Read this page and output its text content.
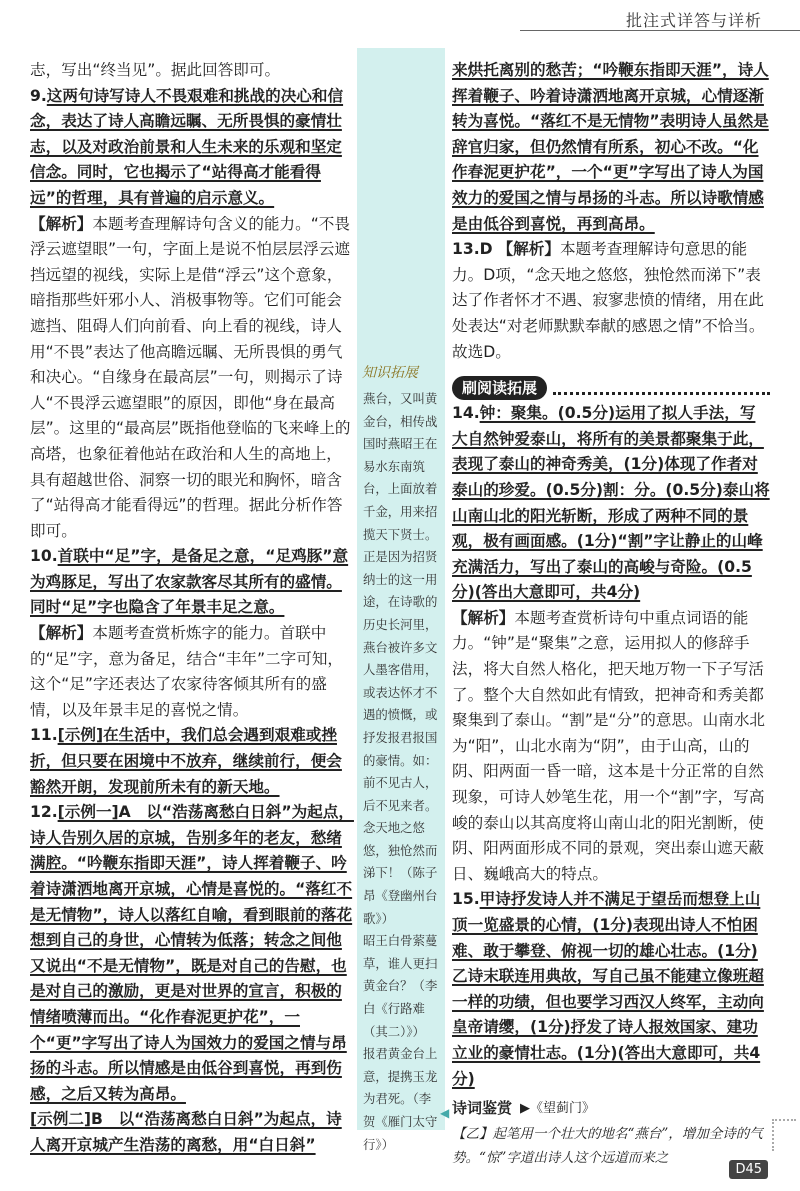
批注式详答与详析

志，写出“终当见”。据此回答即可。

9.这两句诗写诗人不畏艰难和挑战的决心和信念，表达了诗人高瞻远瞩、无所畏惧的豪情壮志，以及对政治前景和人生未来的乐观和坚定信念。同时，它也揭示了“站得高才能看得远”的哲理，具有普遍的启示意义。

【解析】本题考查理解诗句含义的能力。“不畏浮云遮望眼”一句，字面上是说不怕层层浮云遮挡远望的视线，实际上是借“浮云”这个意象，暗指那些奸邪小人、消极事物等。它们可能会遮挡、阻碍人们向前看、向上看的视线，诗人用“不畏”表达了他高瞻远瞩、无所畏惧的勇气和决心。“自缘身在最高层”一句，则揭示了诗人“不畏浮云遮望眼”的原因，即他“身在最高层”。这里的“最高层”既指他登临的飞来峰上的高塔，也象征着他站在政治和人生的高地上，具有超越世俗、洞察一切的眼光和胸怀，暗含了“站得高才能看得远”的哲理。据此分析作答即可。

10.首联中“足”字，是备足之意，“足鸡豚”意为鸡豚足，写出了农家款客尽其所有的盛情。同时“足”字也隐含了年景丰足之意。

【解析】本题考查赏析炼字的能力。首联中的“足”字，意为备足，结合“丰年”二字可知，这个“足”字还表达了农家待客倾其所有的盛情，以及年景丰足的喜悦之情。

11.[示例]在生活中，我们总会遇到艰难或挫折，但只要在困境中不放弃，继续前行，便会豁然开朗，发现前所未有的新天地。

12.[示例一]A　以“浩荡离愁白日斜”为起点，诗人告别久居的京城，告别多年的老友，愁绪满腔。“吟鞭东指即天涯”，诗人挥着鞭子、吟着诗潇洒地离开京城，心情是喜悦的。“落红不是无情物”，诗人以落红自喻，看到眼前的落花想到自己的身世，心情转为低落；转念之间他又说出“不是无情物”，既是对自己的告慰，也是对自己的激励，更是对世界的宣言，积极的情绪喷薄而出。“化作春泥更护花”，一个“更”字写出了诗人为国效力的爱国之情与昂扬的斗志。所以情感是由低谷到喜悦，再到伤感，之后又转为高昂。

[示例二]B　以“浩荡离愁白日斜”为起点，诗人离开京城产生浩荡的离愁，用“白日斜”

知识拓展
燕台，又叫黄金台，相传战国时燕昭王在易水东南筑台，上面放着千金，用来招揽天下贤士。正是因为招贤纳士的这一用途，在诗歌的历史长河里，燕台被许多文人墨客借用，或表达怀才不遇的愤慨，或抒发报君报国的豪情。如：前不见古人，后不见来者。念天地之悠悠，独怆然而涕下！（陈子昂《登幽州台歌》）
昭王白骨萦蔓草，谁人更扫黄金台？（李白《行路难（其二）》）
报君黄金台上意，提携玉龙为君死。（李贺《雁门太守行》）

来烘托离别的愁苦；“吟鞭东指即天涯”，诗人挥着鞭子、吟着诗潇洒地离开京城，心情逐渐转为喜悦。“落红不是无情物”表明诗人虽然是辞官归家，但仍然情有所系，初心不改。“化作春泥更护花”，一个“更”字写出了诗人为国效力的爱国之情与昂扬的斗志。所以诗歌情感是由低谷到喜悦，再到高昂。

13.D 【解析】本题考查理解诗句意思的能力。D项，“念天地之悠悠，独怆然而涕下”表达了作者怀才不遇、寂寥悲愤的情绪，用在此处表达“对老师默默奉献的感恩之情”不恰当。故选D。

刷阅读拓展

14.钟：聚集。(0.5分)运用了拟人手法，写大自然钟爱泰山，将所有的美景都聚集于此，表现了泰山的神奇秀美，(1分)体现了作者对泰山的珍爱。(0.5分)割：分。(0.5分)泰山将山南山北的阳光斩断，形成了两种不同的景观，极有画面感。(1分)“割”字让静止的山峰充满活力，写出了泰山的高峻与奇险。(0.5分)(答出大意即可，共4分)

【解析】本题考查赏析诗句中重点词语的能力。“钟”是“聚集”之意，运用拟人的修辞手法，将大自然人格化，把天地万物一下子写活了。整个大自然如此有情致，把神奇和秀美都聚集到了泰山。“割”是“分”的意思。山南水北为“阳”，山北水南为“阴”，由于山高，山的阴、阳两面一昏一暗，这本是十分正常的自然现象，可诗人妙笔生花，用一个“割”字，写高峻的泰山以其高度将山南山北的阳光割断，使阴、阳两面形成不同的景观，突出泰山遮天蔽日、巍峨高大的特点。

15.甲诗抒发诗人并不满足于望岳而想登上山顶一览盛景的心情，(1分)表现出诗人不怕困难、敢于攀登、俯视一切的雄心壮志。(1分)乙诗末联连用典故，写自己虽不能建立像班超一样的功绩，但也要学习西汉人终军，主动向皇帝请缨，(1分)抒发了诗人报效国家、建功立业的豪情壮志。(1分)(答出大意即可，共4分)

诗词鉴赏 ▶《望蓟门》

【乙】起笔用一个壮大的地名“燕台”，增加全诗的气势。“惊”字道出诗人这个远道而来之

◀
D45
